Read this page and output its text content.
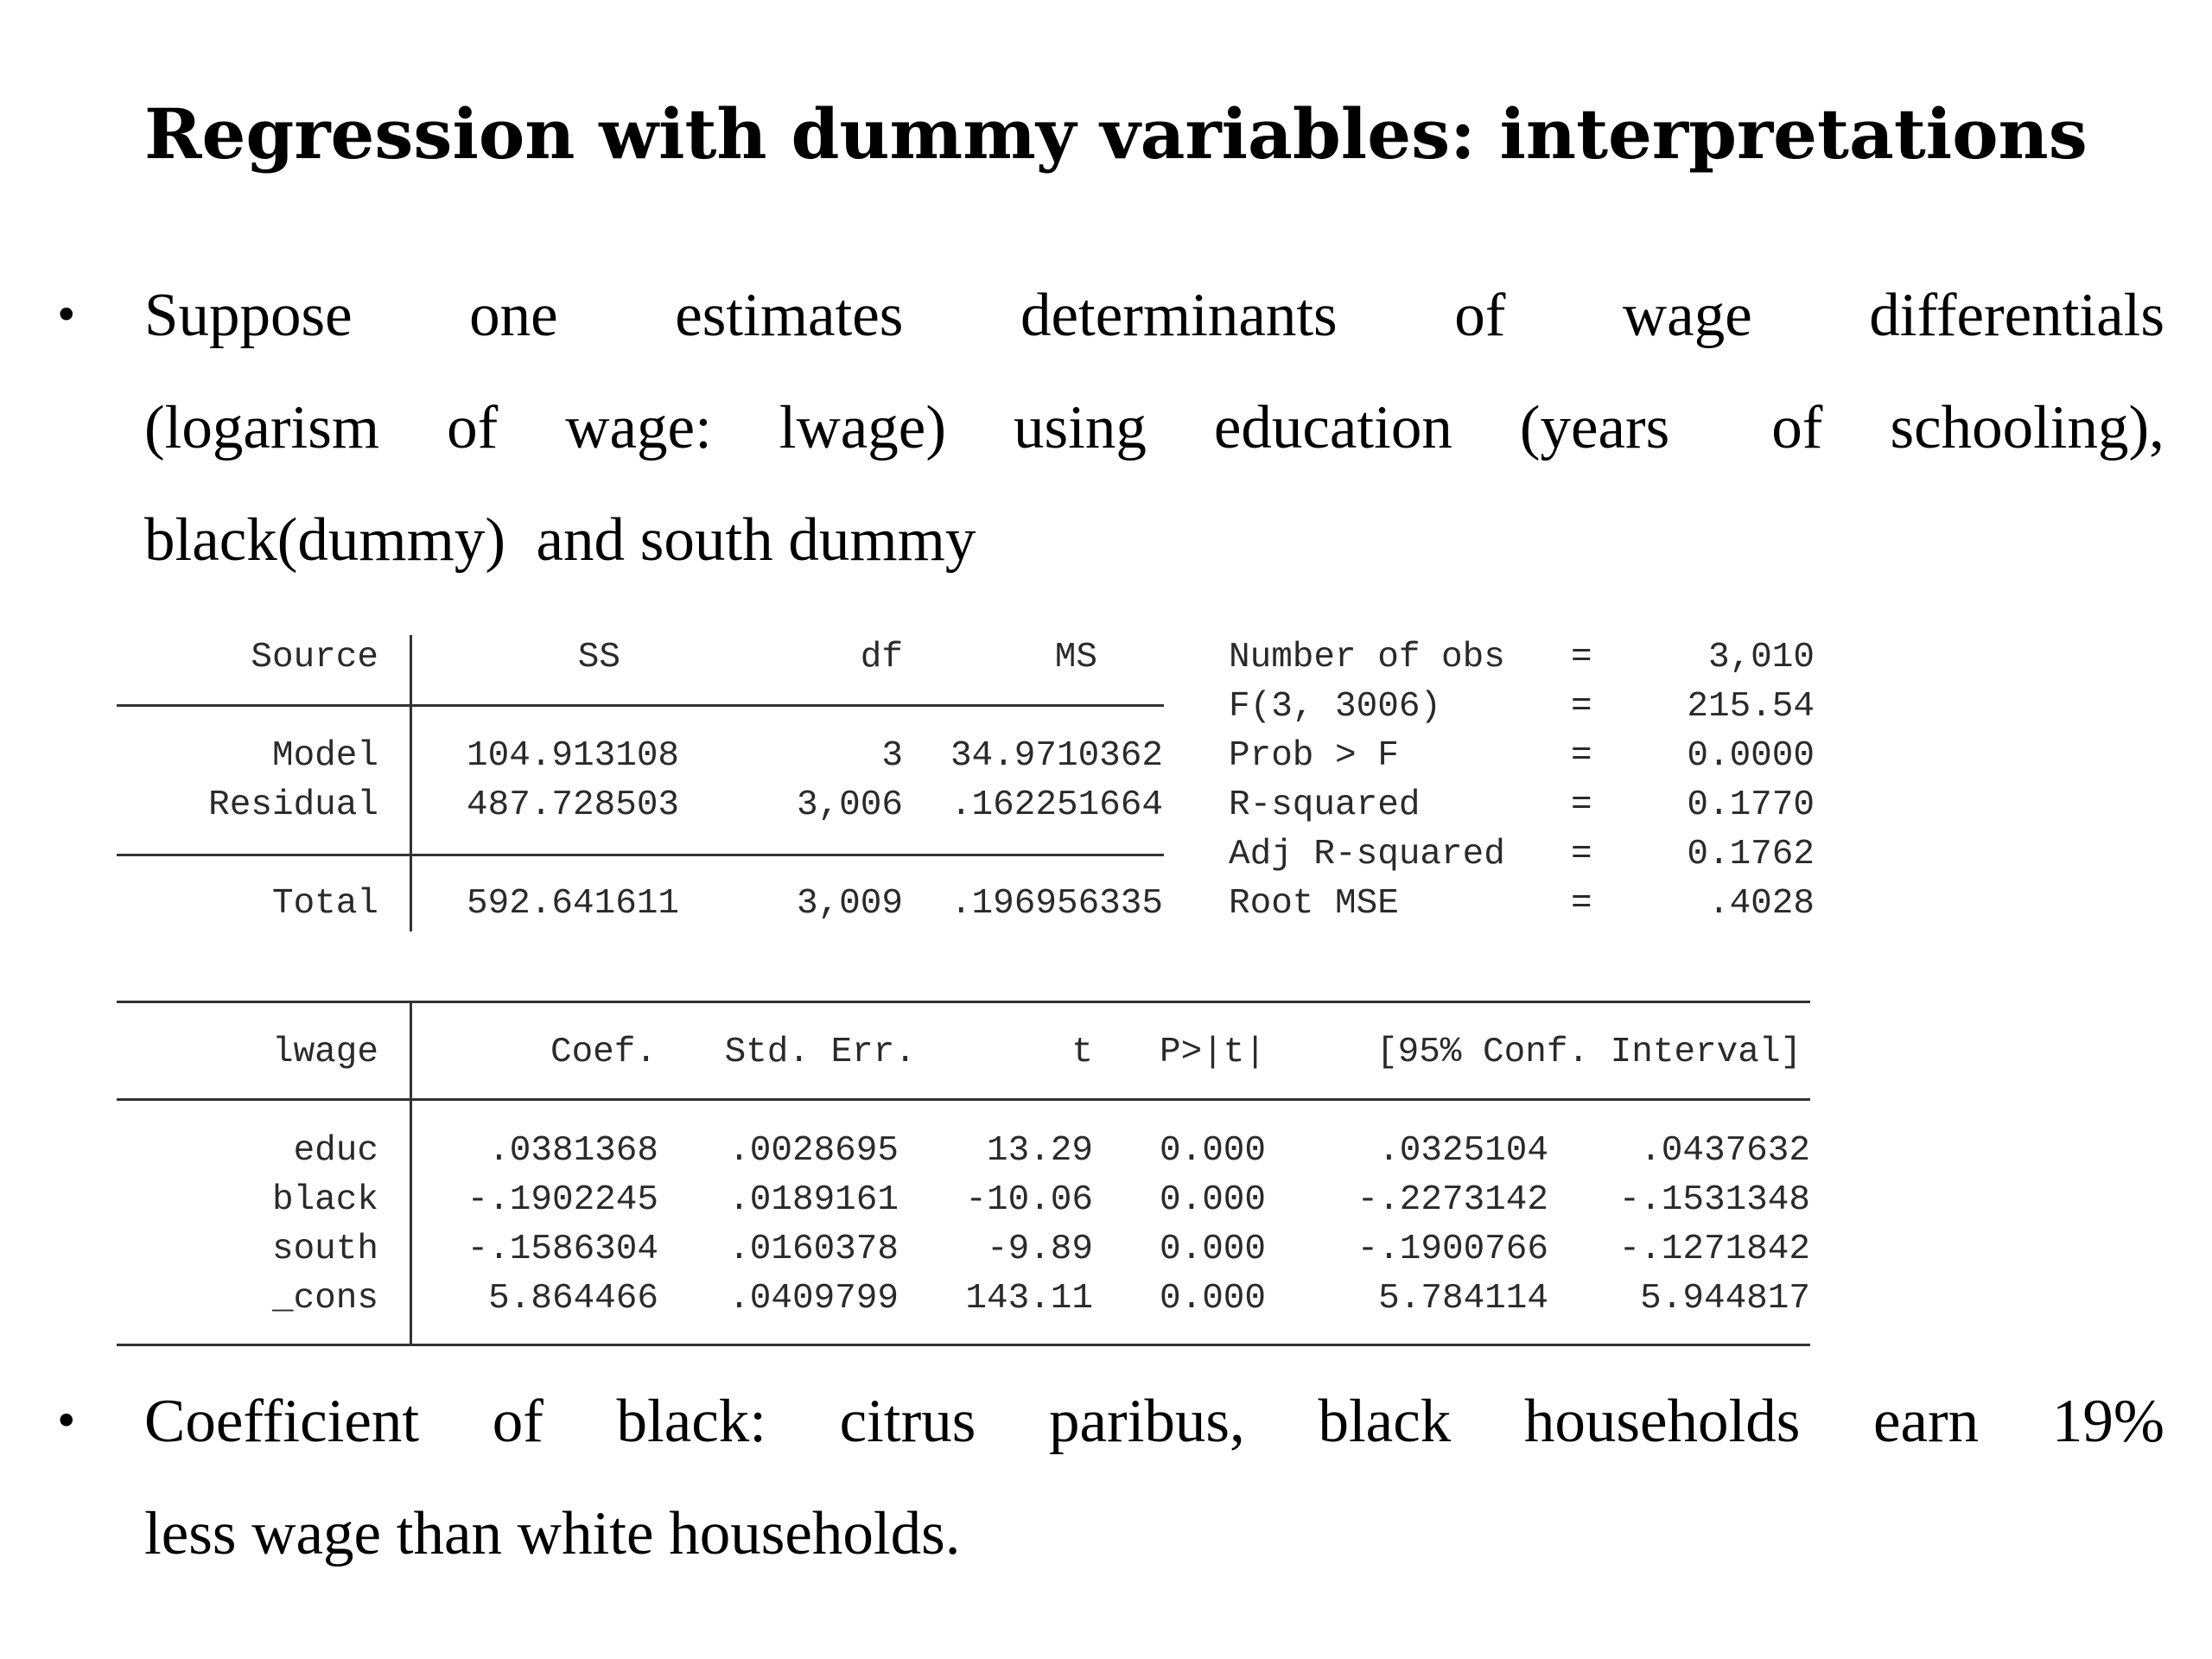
Regression with dummy variables: interpretations
• Suppose one estimates determinants of wage differentials
(logarism of wage: lwage) using education (years of schooling),
black(dummy)  and south dummy
Source	SS	df	MS
Model 104.913108	3	34.9710362
Residual 487.728503	3,006	.162251664
Total 592.641611	3,009	.196956335
Number of obs =	3,010
F(3, 3006)	=	215.54
Prob > F	=	0.0000
R-squared	=	0.1770
Adj R-squared =	0.1762
Root MSE	=	.4028
lwage	Coef.	Std. Err.	t P>|t|	[95% Conf. Interval]
educ	.0381368	.0028695	13.29 0.000	.0325104	.0437632
black	-.1902245	.0189161	-10.06 0.000	-.2273142	-.1531348
south	-.1586304	.0160378	-9.89 0.000	-.1900766	-.1271842
_cons	5.864466	.0409799	143.11 0.000	5.784114	5.944817
• Coefficient of black: citrus paribus, black households earn 19%
less wage than white households.
